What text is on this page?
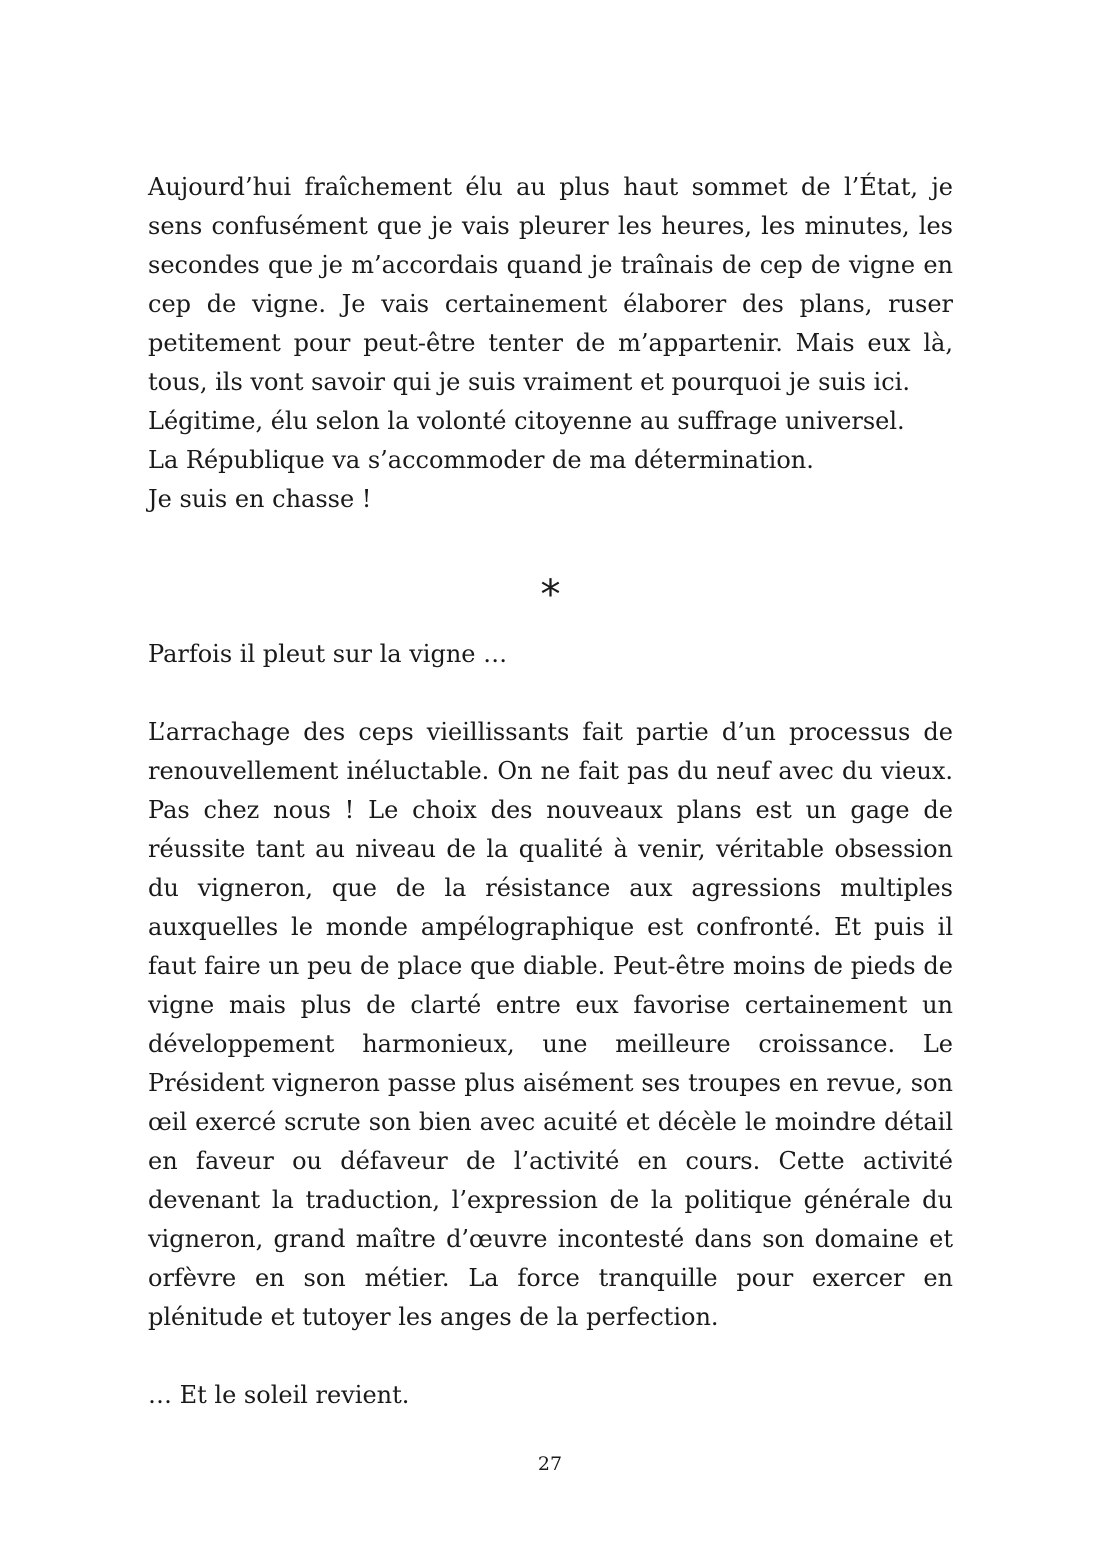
Aujourd’hui fraîchement élu au plus haut sommet de l’État, je sens confusément que je vais pleurer les heures, les minutes, les secondes que je m’accordais quand je traînais de cep de vigne en cep de vigne. Je vais certainement élaborer des plans, ruser petitement pour peut-être tenter de m’appartenir. Mais eux là, tous, ils vont savoir qui je suis vraiment et pourquoi je suis ici.

Légitime, élu selon la volonté citoyenne au suffrage universel.
La République va s’accommoder de ma détermination.
Je suis en chasse !
*
Parfois il pleut sur la vigne …

L’arrachage des ceps vieillissants fait partie d’un processus de renouvellement inéluctable. On ne fait pas du neuf avec du vieux. Pas chez nous ! Le choix des nouveaux plans est un gage de réussite tant au niveau de la qualité à venir, véritable obsession du vigneron, que de la résistance aux agressions multiples auxquelles le monde ampélographique est confronté. Et puis il faut faire un peu de place que diable. Peut-être moins de pieds de vigne mais plus de clarté entre eux favorise certainement un développement harmonieux, une meilleure croissance. Le Président vigneron passe plus aisément ses troupes en revue, son œil exercé scrute son bien avec acuité et décèle le moindre détail en faveur ou défaveur de l’activité en cours. Cette activité devenant la traduction, l’expression de la politique générale du vigneron, grand maître d’œuvre incontesté dans son domaine et orfèvre en son métier. La force tranquille pour exercer en plénitude et tutoyer les anges de la perfection.

… Et le soleil revient.
27
